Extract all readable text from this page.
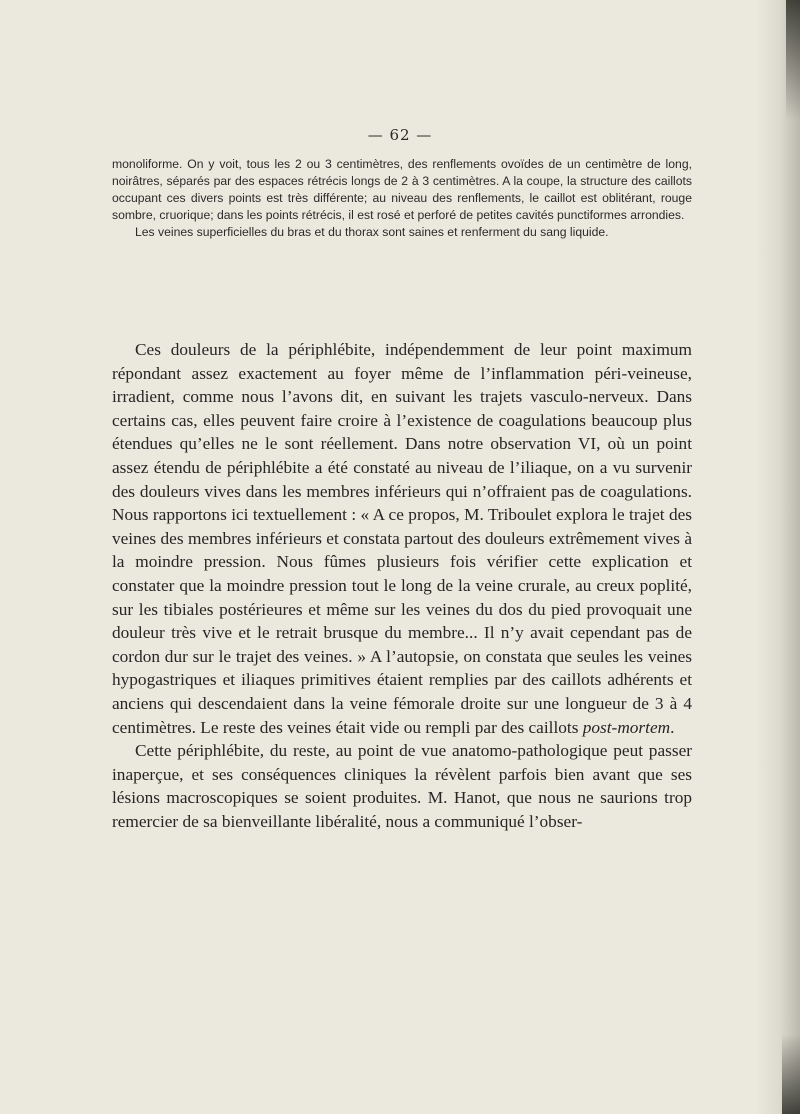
— 62 —

monoliforme. On y voit, tous les 2 ou 3 centimètres, des renflements ovoïdes de un centimètre de long, noirâtres, séparés par des espaces rétrécis longs de 2 à 3 centimètres. A la coupe, la structure des caillots occupant ces divers points est très différente; au niveau des renflements, le caillot est oblitérant, rouge sombre, cruorique; dans les points rétrécis, il est rosé et perforé de petites cavités punctiformes arrondies.

Les veines superficielles du bras et du thorax sont saines et renferment du sang liquide.

Ces douleurs de la périphlébite, indépendemment de leur point maximum répondant assez exactement au foyer même de l’inflammation péri-veineuse, irradient, comme nous l’avons dit, en suivant les trajets vasculo-nerveux. Dans certains cas, elles peuvent faire croire à l’existence de coagulations beaucoup plus étendues qu’elles ne le sont réellement. Dans notre observation VI, où un point assez étendu de périphlébite a été constaté au niveau de l’iliaque, on a vu survenir des douleurs vives dans les membres inférieurs qui n’offraient pas de coagulations. Nous rapportons ici textuellement : « A ce propos, M. Triboulet explora le trajet des veines des membres inférieurs et constata partout des douleurs extrêmement vives à la moindre pression. Nous fûmes plusieurs fois vérifier cette explication et constater que la moindre pression tout le long de la veine crurale, au creux poplité, sur les tibiales postérieures et même sur les veines du dos du pied provoquait une douleur très vive et le retrait brusque du membre... Il n’y avait cependant pas de cordon dur sur le trajet des veines. » A l’autopsie, on constata que seules les veines hypogastriques et iliaques primitives étaient remplies par des caillots adhérents et anciens qui descendaient dans la veine fémorale droite sur une longueur de 3 à 4 centimètres. Le reste des veines était vide ou rempli par des caillots post-mortem.

Cette périphlébite, du reste, au point de vue anatomo-pathologique peut passer inaperçue, et ses conséquences cliniques la révèlent parfois bien avant que ses lésions macroscopiques se soient produites. M. Hanot, que nous ne saurions trop remercier de sa bienveillante libéralité, nous a communiqué l’obser-
